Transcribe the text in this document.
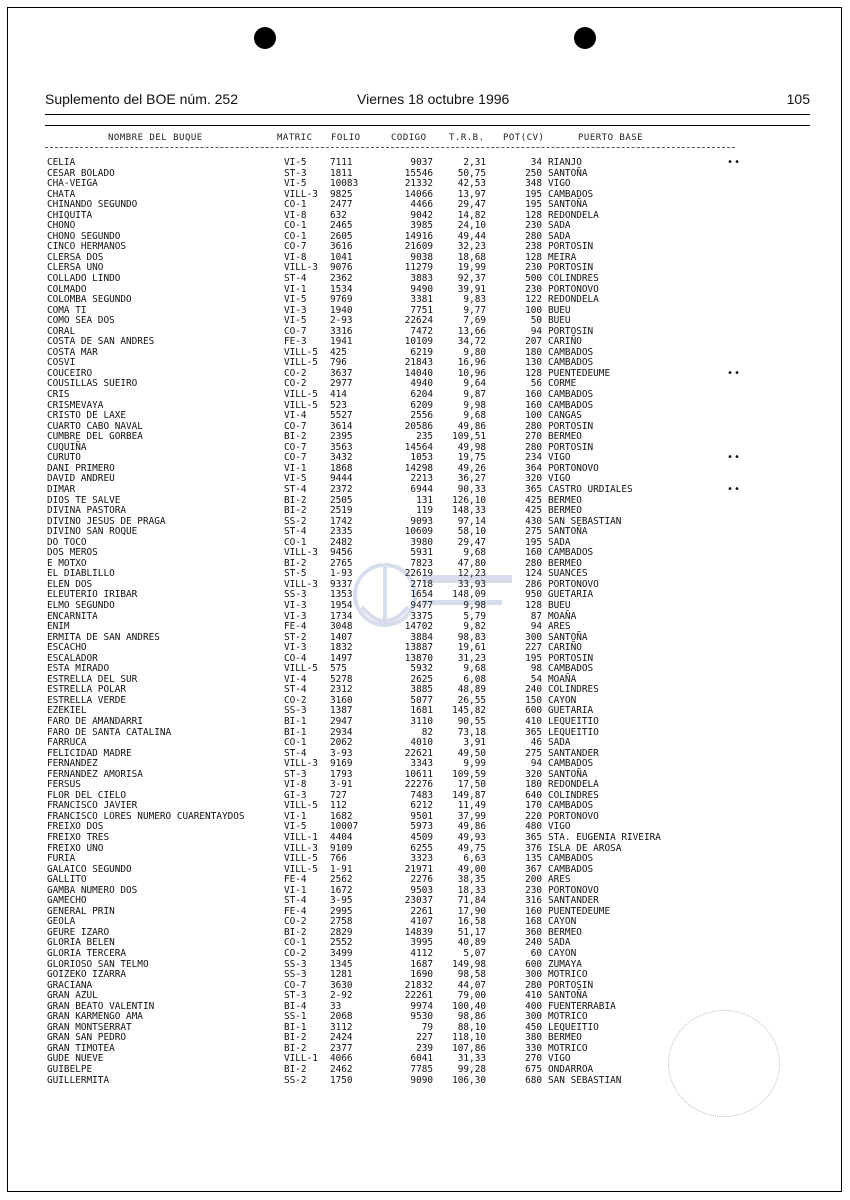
Suplemento del BOE núm. 252	Viernes 18 octubre 1996	105
NOMBRE DEL BUQUE	MATRIC FOLIO	CODIGO T.R.B. POT(CV)	PUERTO BASE
CELIA	VI-5 7111	9037	2,31	34 RIANJO	••
CESAR BOLADO	ST-3 1811	15546	50,75	250 SANTOÑA
CHA-VEIGA	VI-5 10083	21332	42,53	348 VIGO
CHATA	VILL-3 9825	14066	13,97	195 CAMBADOS
CHINANDO SEGUNDO	CO-1 2477	4466	29,47	195 SANTOÑA
CHIQUITA	VI-8 632	9042	14,82	128 REDONDELA
CHONO	CO-1 2465	3985	24,10	230 SADA
CHONO SEGUNDO	CO-1 2605	14916	49,44	280 SADA
CINCO HERMANOS	CO-7 3616	21609	32,23	238 PORTOSIN
CLERSA DOS	VI-8 1041	9038	18,68	128 MEIRA
CLERSA UNO	VILL-3 9076	11279	19,99	230 PORTOSIN
COLLADO LINDO	ST-4 2362	3883	92,37	500 COLINDRES
COLMADO	VI-1 1534	9490	39,91	230 PORTONOVO
COLOMBA SEGUNDO	VI-5 9769	3381	9,83	122 REDONDELA
COMA TI	VI-3 1940	7751	9,77	100 BUEU
COMO SEA DOS	VI-5 2-93	22624	7,69	50 BUEU
CORAL	CO-7 3316	7472	13,66	94 PORTOSIN
COSTA DE SAN ANDRES	FE-3 1941	10109	34,72	207 CARIÑO
COSTA MAR	VILL-5 425	6219	9,80	180 CAMBADOS
COSVI	VILL-5 796	21843	16,96	130 CAMBADOS
COUCEIRO	CO-2 3637	14040	10,96	128 PUENTEDEUME	••
COUSILLAS SUEIRO	CO-2 2977	4940	9,64	56 CORME
CRIS	VILL-5 414	6204	9,87	160 CAMBADOS
CRISMEVAYA	VILL-5 523	6209	9,98	160 CAMBADOS
CRISTO DE LAXE	VI-4 5527	2556	9,68	100 CANGAS
CUARTO CABO NAVAL	CO-7 3614	20586	49,86	280 PORTOSIN
CUMBRE DEL GORBEA	BI-2 2395	235	109,51	270 BERMEO
CUQUIÑA	CO-7 3563	14564	49,98	280 PORTOSIN
CURUTO	CO-7 3432	1053	19,75	234 VIGO	••
DANI PRIMERO	VI-1 1868	14298	49,26	364 PORTONOVO
DAVID ANDREU	VI-5 9444	2213	36,27	320 VIGO
DIMAR	ST-4 2372	6944	90,33	365 CASTRO URDIALES	••
DIOS TE SALVE	BI-2 2505	131	126,10	425 BERMEO
DIVINA PASTORA	BI-2 2519	119	148,33	425 BERMEO
DIVINO JESUS DE PRAGA	SS-2 1742	9093	97,14	430 SAN SEBASTIAN
DIVINO SAN ROQUE	ST-4 2335	10609	58,10	275 SANTOÑA
DO TOCO	CO-1 2482	3980	29,47	195 SADA
DOS MEROS	VILL-3 9456	5931	9,68	160 CAMBADOS
E MOTXO	BI-2 2765	7823	47,80	280 BERMEO
EL DIABLILLO	ST-5 1-93	22619	12,23	124 SUANCES
ELEN DOS	VILL-3 9337	2718	33,93	286 PORTONOVO
ELEUTERIO IRIBAR	SS-3 1353	1654	148,09	950 GUETARIA
ELMO SEGUNDO	VI-3 1954	9477	9,98	128 BUEU
ENCARNITA	VI-3 1734	3375	5,79	87 MOAÑA
ENIM	FE-4 3048	14702	9,82	94 ARES
ERMITA DE SAN ANDRES	ST-2 1407	3884	98,83	300 SANTOÑA
ESCACHO	VI-3 1832	13887	19,61	227 CARIÑO
ESCALADOR	CO-4 1497	13870	31,23	195 PORTOSIN
ESTA MIRADO	VILL-5 575	5932	9,68	98 CAMBADOS
ESTRELLA DEL SUR	VI-4 5278	2625	6,08	54 MOAÑA
ESTRELLA POLAR	ST-4 2312	3885	48,89	240 COLINDRES
ESTRELLA VERDE	CO-2 3160	5077	26,55	150 CAYON
EZEKIEL	SS-3 1387	1681	145,82	600 GUETARIA
FARO DE AMANDARRI	BI-1 2947	3110	90,55	410 LEQUEITIO
FARO DE SANTA CATALINA	BI-1 2934	82	73,18	365 LEQUEITIO
FARRUCA	CO-1 2062	4010	3,91	46 SADA
FELICIDAD MADRE	ST-4 3-93	22621	49,50	275 SANTANDER
FERNANDEZ	VILL-3 9169	3343	9,99	94 CAMBADOS
FERNANDEZ AMORISA	ST-3 1793	10611	109,59	320 SANTOÑA
FERSUS	VI-8 3-91	22276	17,50	180 REDONDELA
FLOR DEL CIELO	GI-3 727	7483	149,87	640 COLINDRES
FRANCISCO JAVIER	VILL-5 112	6212	11,49	170 CAMBADOS
FRANCISCO LORES NUMERO CUARENTAYDOS	VI-1 1682	9501	37,99	220 PORTONOVO
FREIXO DOS	VI-5 10007	5973	49,86	480 VIGO
FREIXO TRES	VILL-1 4404	4509	49,93	365 STA. EUGENIA RIVEIRA
FREIXO UNO	VILL-3 9109	6255	49,75	376 ISLA DE AROSA
FURIA	VILL-5 766	3323	6,63	135 CAMBADOS
GALAICO SEGUNDO	VILL-5 1-91	21971	49,00	367 CAMBADOS
GALLITO	FE-4 2562	2276	38,35	200 ARES
GAMBA NUMERO DOS	VI-1 1672	9503	18,33	230 PORTONOVO
GAMECHO	ST-4 3-95	23037	71,84	316 SANTANDER
GENERAL PRIN	FE-4 2995	2261	17,90	160 PUENTEDEUME
GEOLA	CO-2 2758	4107	16,58	168 CAYON
GEURE IZARO	BI-2 2829	14839	51,17	360 BERMEO
GLORIA BELEN	CO-1 2552	3995	40,89	240 SADA
GLORIA TERCERA	CO-2 3499	4112	5,07	60 CAYON
GLORIOSO SAN TELMO	SS-3 1345	1687	149,98	600 ZUMAYA
GOIZEKO IZARRA	SS-3 1281	1690	98,58	300 MOTRICO
GRACIANA	CO-7 3630	21832	44,07	280 PORTOSIN
GRAN AZUL	ST-3 2-92	22261	79,00	410 SANTOÑA
GRAN BEATO VALENTIN	BI-4 33	9974	100,40	400 FUENTERRABIA
GRAN KARMENGO AMA	SS-1 2068	9530	98,86	300 MOTRICO
GRAN MONTSERRAT	BI-1 3112	79	88,10	450 LEQUEITIO
GRAN SAN PEDRO	BI-2 2424	227	118,10	380 BERMEO
GRAN TIMOTEA	BI-2 2377	239	107,86	330 MOTRICO
GUDE NUEVE	VILL-1 4066	6041	31,33	270 VIGO
GUIBELPE	BI-2 2462	7785	99,28	675 ONDARROA
GUILLERMITA	SS-2 1750	9090	106,30	680 SAN SEBASTIAN
